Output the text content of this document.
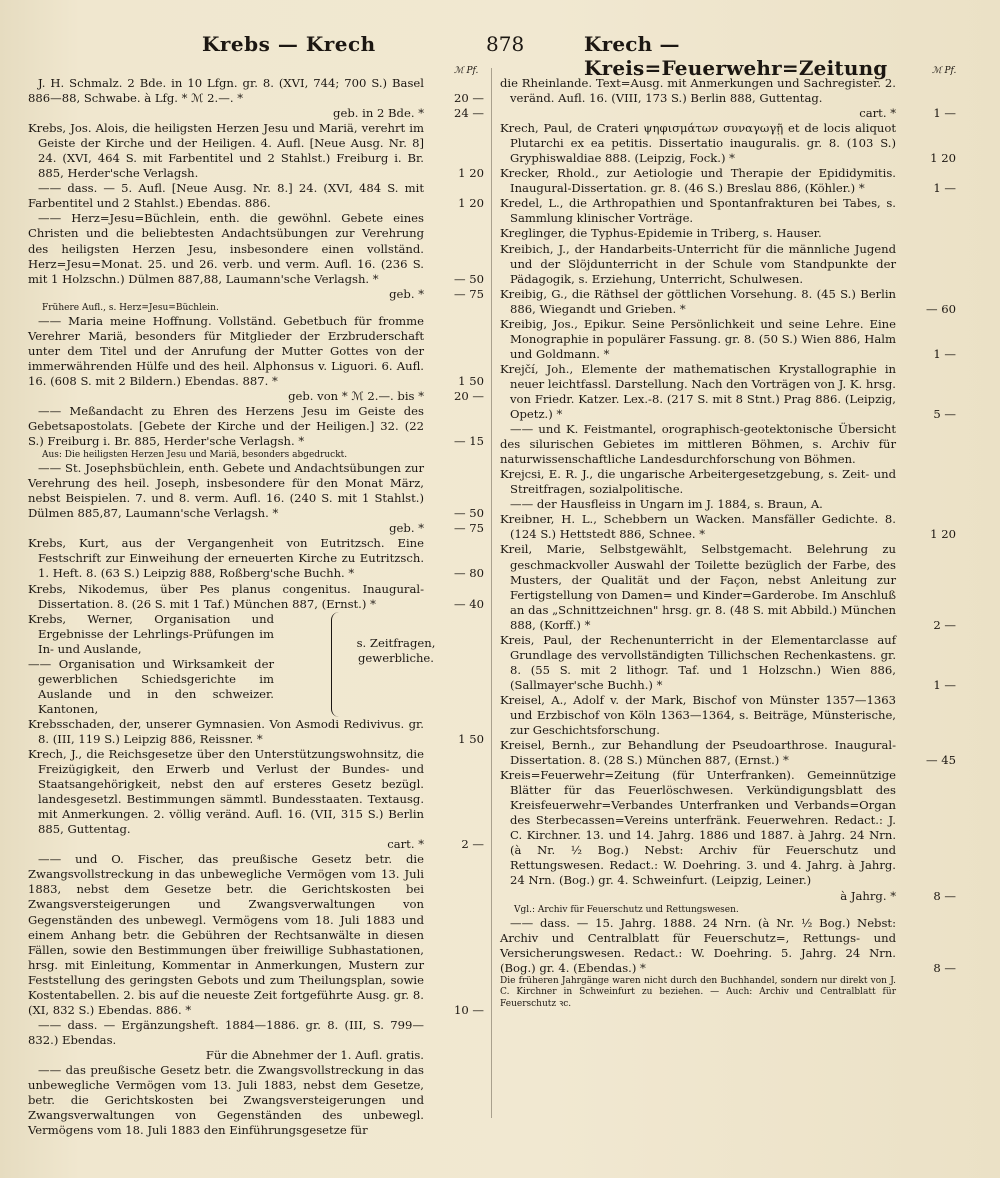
Krebs — Krech	878	Krech — Kreis=Feuerwehr=Zeitung
ℳ Pf.	ℳ Pf.
J. H. Schmalz. 2 Bde. in 10 Lfgn. gr. 8. (XVI, 744; 700 S.) Basel 886—88, Schwabe. à Lfg. * ℳ 2.—. *	20 —
geb. in 2 Bde. *	24 —
Krebs, Jos. Alois, die heiligsten Herzen Jesu und Mariä, verehrt im Geiste der Kirche und der Heiligen. 4. Aufl. [Neue Ausg. Nr. 8] 24. (XVI, 464 S. mit Farbentitel und 2 Stahlst.) Freiburg i. Br. 885, Herder'sche Verlagsh.	1 20
—— dass. — 5. Aufl. [Neue Ausg. Nr. 8.] 24. (XVI, 484 S. mit Farbentitel und 2 Stahlst.) Ebendas. 886.	1 20
—— Herz=Jesu=Büchlein, enth. die gewöhnl. Gebete eines Christen und die beliebtesten Andachtsübungen zur Verehrung des heiligsten Herzen Jesu, insbesondere einen vollständ. Herz=Jesu=Monat. 25. und 26. verb. und verm. Aufl. 16. (236 S. mit 1 Holzschn.) Dülmen 887,88, Laumann'sche Verlagsh. *	— 50
geb. *	— 75
Frühere Aufl., s. Herz=Jesu=Büchlein.
—— Maria meine Hoffnung. Vollständ. Gebetbuch für fromme Verehrer Mariä, besonders für Mitglieder der Erzbruderschaft unter dem Titel und der Anrufung der Mutter Gottes von der immerwährenden Hülfe und des heil. Alphonsus v. Liguori. 6. Aufl. 16. (608 S. mit 2 Bildern.) Ebendas. 887. *	1 50
geb. von * ℳ 2.—. bis *	20 —
—— Meßandacht zu Ehren des Herzens Jesu im Geiste des Gebetsapostolats. [Gebete der Kirche und der Heiligen.] 32. (22 S.) Freiburg i. Br. 885, Herder'sche Verlagsh. *	— 15
Aus: Die heiligsten Herzen Jesu und Mariä, besonders abgedruckt.
—— St. Josephsbüchlein, enth. Gebete und Andachtsübungen zur Verehrung des heil. Joseph, insbesondere für den Monat März, nebst Beispielen. 7. und 8. verm. Aufl. 16. (240 S. mit 1 Stahlst.) Dülmen 885,87, Laumann'sche Verlagsh. *	— 50
geb. *	— 75
Krebs, Kurt, aus der Vergangenheit von Eutritzsch. Eine Festschrift zur Einweihung der erneuerten Kirche zu Eutritzsch. 1. Heft. 8. (63 S.) Leipzig 888, Roßberg'sche Buchh. *	— 80
Krebs, Nikodemus, über Pes planus congenitus. Inaugural-Dissertation. 8. (26 S. mit 1 Taf.) München 887, (Ernst.) *	— 40
Krebs, Werner, Organisation und Ergebnisse der Lehrlings-Prüfungen im In- und Auslande,
—— Organisation und Wirksamkeit der gewerblichen Schiedsgerichte im Auslande und in den schweizer. Kantonen,
s. Zeitfragen, gewerbliche.
Krebsschaden, der, unserer Gymnasien. Von Asmodi Redivivus. gr. 8. (III, 119 S.) Leipzig 886, Reissner. *	1 50
Krech, J., die Reichsgesetze über den Unterstützungswohnsitz, die Freizügigkeit, den Erwerb und Verlust der Bundes- und Staatsangehörigkeit, nebst den auf ersteres Gesetz bezügl. landesgesetzl. Bestimmungen sämmtl. Bundesstaaten. Textausg. mit Anmerkungen. 2. völlig veränd. Aufl. 16. (VII, 315 S.) Berlin 885, Guttentag.
cart. *	2 —
—— und O. Fischer, das preußische Gesetz betr. die Zwangsvollstreckung in das unbewegliche Vermögen vom 13. Juli 1883, nebst dem Gesetze betr. die Gerichtskosten bei Zwangsversteigerungen und Zwangsverwaltungen von Gegenständen des unbewegl. Vermögens vom 18. Juli 1883 und einem Anhang betr. die Gebühren der Rechtsanwälte in diesen Fällen, sowie den Bestimmungen über freiwillige Subhastationen, hrsg. mit Einleitung, Kommentar in Anmerkungen, Mustern zur Feststellung des geringsten Gebots und zum Theilungsplan, sowie Kostentabellen. 2. bis auf die neueste Zeit fortgeführte Ausg. gr. 8. (XI, 832 S.) Ebendas. 886. *	10 —
—— dass. — Ergänzungsheft. 1884—1886. gr. 8. (III, S. 799—832.) Ebendas.
Für die Abnehmer der 1. Aufl. gratis.
—— das preußische Gesetz betr. die Zwangsvollstreckung in das unbewegliche Vermögen vom 13. Juli 1883, nebst dem Gesetze, betr. die Gerichtskosten bei Zwangsversteigerungen und Zwangsverwaltungen von Gegenständen des unbewegl. Vermögens vom 18. Juli 1883 den Einführungsgesetze für
die Rheinlande. Text=Ausg. mit Anmerkungen und Sachregister. 2. veränd. Aufl. 16. (VIII, 173 S.) Berlin 888, Guttentag.
cart. *	1 —
Krech, Paul, de Crateri ψηφισμάτων συναγωγῇ et de locis aliquot Plutarchi ex ea petitis. Dissertatio inauguralis. gr. 8. (103 S.) Gryphiswaldiae 888. (Leipzig, Fock.) *	1 20
Krecker, Rhold., zur Aetiologie und Therapie der Epididymitis. Inaugural-Dissertation. gr. 8. (46 S.) Breslau 886, (Köhler.) *	1 —
Kredel, L., die Arthropathien und Spontanfrakturen bei Tabes, s. Sammlung klinischer Vorträge.
Kreglinger, die Typhus-Epidemie in Triberg, s. Hauser.
Kreibich, J., der Handarbeits-Unterricht für die männliche Jugend und der Slöjdunterricht in der Schule vom Standpunkte der Pädagogik, s. Erziehung, Unterricht, Schulwesen.
Kreibig, G., die Räthsel der göttlichen Vorsehung. 8. (45 S.) Berlin 886, Wiegandt und Grieben. *	— 60
Kreibig, Jos., Epikur. Seine Persönlichkeit und seine Lehre. Eine Monographie in populärer Fassung. gr. 8. (50 S.) Wien 886, Halm und Goldmann. *	1 —
Krejčí, Joh., Elemente der mathematischen Krystallographie in neuer leichtfassl. Darstellung. Nach den Vorträgen von J. K. hrsg. von Friedr. Katzer. Lex.-8. (217 S. mit 8 Stnt.) Prag 886. (Leipzig, Opetz.) *	5 —
—— und K. Feistmantel, orographisch-geotektonische Übersicht des silurischen Gebietes im mittleren Böhmen, s. Archiv für naturwissenschaftliche Landesdurchforschung von Böhmen.
Krejcsi, E. R. J., die ungarische Arbeitergesetzgebung, s. Zeit- und Streitfragen, sozialpolitische.
—— der Hausfleiss in Ungarn im J. 1884, s. Braun, A.
Kreibner, H. L., Schebbern un Wacken. Mansfäller Gedichte. 8. (124 S.) Hettstedt 886, Schnee. *	1 20
Kreil, Marie, Selbstgewählt, Selbstgemacht. Belehrung zu geschmackvoller Auswahl der Toilette bezüglich der Farbe, des Musters, der Qualität und der Façon, nebst Anleitung zur Fertigstellung von Damen= und Kinder=Garderobe. Im Anschluß an das „Schnittzeichnen" hrsg. gr. 8. (48 S. mit Abbild.) München 888, (Korff.) *	2 —
Kreis, Paul, der Rechenunterricht in der Elementarclasse auf Grundlage des vervollständigten Tillichschen Rechenkastens. gr. 8. (55 S. mit 2 lithogr. Taf. und 1 Holzschn.) Wien 886, (Sallmayer'sche Buchh.) *	1 —
Kreisel, A., Adolf v. der Mark, Bischof von Münster 1357—1363 und Erzbischof von Köln 1363—1364, s. Beiträge, Münsterische, zur Geschichtsforschung.
Kreisel, Bernh., zur Behandlung der Pseudoarthrose. Inaugural-Dissertation. 8. (28 S.) München 887, (Ernst.) *	— 45
Kreis=Feuerwehr=Zeitung (für Unterfranken). Gemeinnützige Blätter für das Feuerlöschwesen. Verkündigungsblatt des Kreisfeuerwehr=Verbandes Unterfranken und Verbands=Organ des Sterbecassen=Vereins unterfränk. Feuerwehren. Redact.: J. C. Kirchner. 13. und 14. Jahrg. 1886 und 1887. à Jahrg. 24 Nrn. (à Nr. ½ Bog.) Nebst: Archiv für Feuerschutz und Rettungswesen. Redact.: W. Doehring. 3. und 4. Jahrg. à Jahrg. 24 Nrn. (Bog.) gr. 4. Schweinfurt. (Leipzig, Leiner.)
à Jahrg. *	8 —
Vgl.: Archiv für Feuerschutz und Rettungswesen.
—— dass. — 15. Jahrg. 1888. 24 Nrn. (à Nr. ½ Bog.) Nebst: Archiv und Centralblatt für Feuerschutz=, Rettungs- und Versicherungswesen. Redact.: W. Doehring. 5. Jahrg. 24 Nrn. (Bog.) gr. 4. (Ebendas.) *	8 —
Die früheren Jahrgänge waren nicht durch den Buchhandel, sondern nur direkt von J. C. Kirchner in Schweinfurt zu beziehen. — Auch: Archiv und Centralblatt für Feuerschutz ꝛc.
